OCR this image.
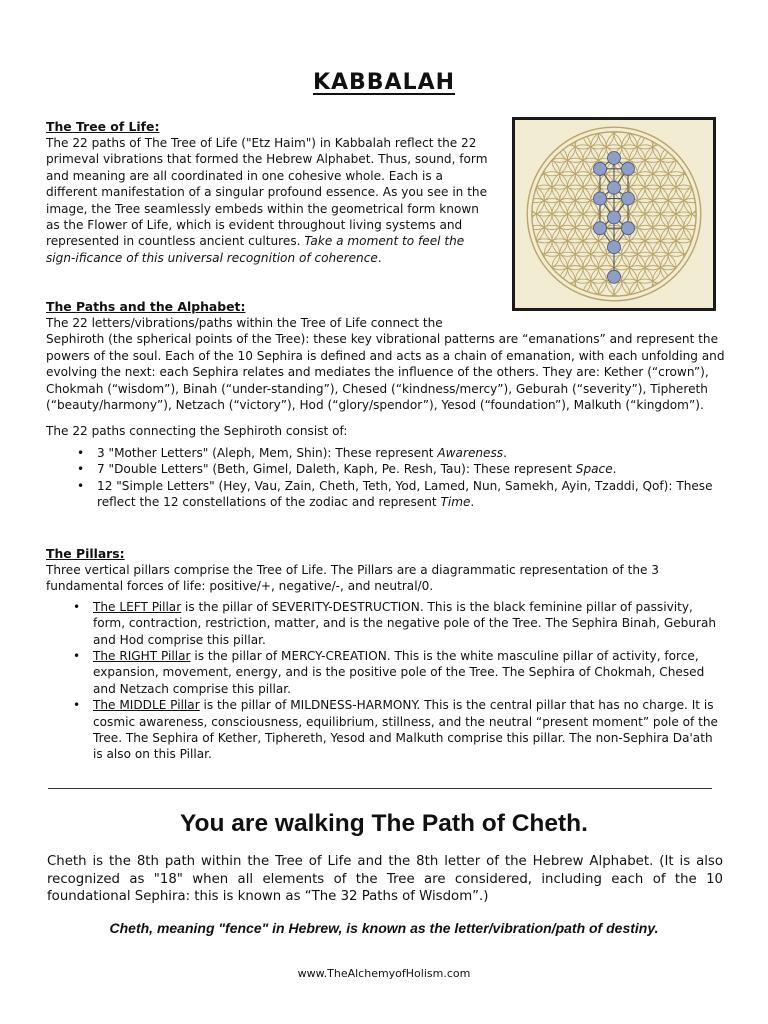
KABBALAH
The Tree of Life:

The 22 paths of The Tree of Life ("Etz Haim") in Kabbalah reflect the 22 primeval vibrations that formed the Hebrew Alphabet. Thus, sound, form and meaning are all coordinated in one cohesive whole. Each is a different manifestation of a singular profound essence. As you see in the image, the Tree seamlessly embeds within the geometrical form known as the Flower of Life, which is evident throughout living systems and represented in countless ancient cultures. Take a moment to feel the sign-ificance of this universal recognition of coherence.

The Paths and the Alphabet:

The 22 letters/vibrations/paths within the Tree of Life connect the

Sephiroth (the spherical points of the Tree): these key vibrational patterns are “emanations” and represent the powers of the soul. Each of the 10 Sephira is defined and acts as a chain of emanation, with each unfolding and evolving the next: each Sephira relates and mediates the influence of the others. They are: Kether (“crown”), Chokmah (“wisdom”), Binah (“under-standing”), Chesed (“kindness/mercy”), Geburah (“severity”), Tiphereth (“beauty/harmony”), Netzach (“victory”), Hod (“glory/spendor”), Yesod (“foundation”), Malkuth (“kingdom”).

The 22 paths connecting the Sephiroth consist of:

• 3 "Mother Letters" (Aleph, Mem, Shin): These represent Awareness.
• 7 "Double Letters" (Beth, Gimel, Daleth, Kaph, Pe. Resh, Tau): These represent Space.
• 12 "Simple Letters" (Hey, Vau, Zain, Cheth, Teth, Yod, Lamed, Nun, Samekh, Ayin, Tzaddi, Qof): These reflect the 12 constellations of the zodiac and represent Time.
The Pillars:

Three vertical pillars comprise the Tree of Life. The Pillars are a diagrammatic representation of the 3 fundamental forces of life: positive/+, negative/-, and neutral/0.

• The LEFT Pillar is the pillar of SEVERITY-DESTRUCTION. This is the black feminine pillar of passivity, form, contraction, restriction, matter, and is the negative pole of the Tree. The Sephira Binah, Geburah and Hod comprise this pillar.
• The RIGHT Pillar is the pillar of MERCY-CREATION. This is the white masculine pillar of activity, force, expansion, movement, energy, and is the positive pole of the Tree. The Sephira of Chokmah, Chesed and Netzach comprise this pillar.
• The MIDDLE Pillar is the pillar of MILDNESS-HARMONY. This is the central pillar that has no charge. It is cosmic awareness, consciousness, equilibrium, stillness, and the neutral “present moment” pole of the Tree. The Sephira of Kether, Tiphereth, Yesod and Malkuth comprise this pillar. The non-Sephira Da'ath is also on this Pillar.
You are walking The Path of Cheth.

Cheth is the 8th path within the Tree of Life and the 8th letter of the Hebrew Alphabet. (It is also recognized as "18" when all elements of the Tree are considered, including each of the 10 foundational Sephira: this is known as “The 32 Paths of Wisdom”.)

Cheth, meaning "fence" in Hebrew, is known as the letter/vibration/path of destiny.
www.TheAlchemyofHolism.com
